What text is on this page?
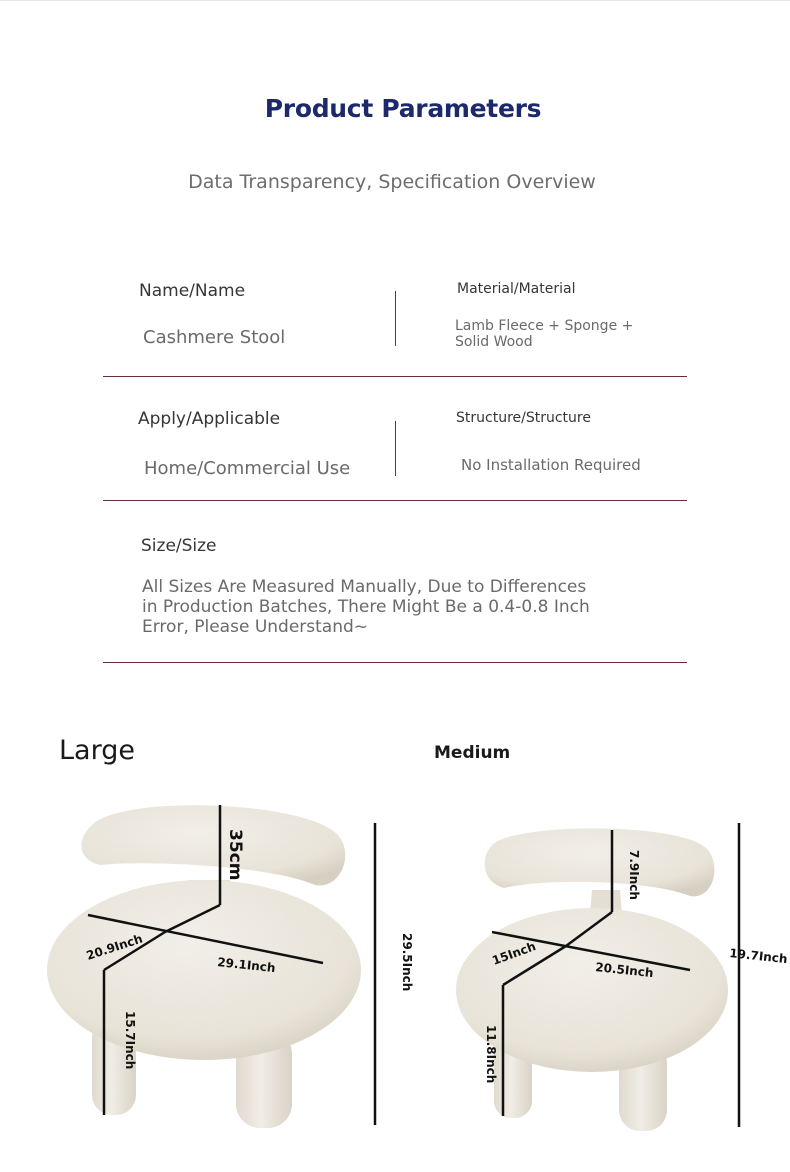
Product Parameters
Data Transparency, Specification Overview
Name/Name
Cashmere Stool
Material/Material
Lamb Fleece + Sponge +
Solid Wood
Apply/Applicable
Home/Commercial Use
Structure/Structure
No Installation Required
Size/Size
All Sizes Are Measured Manually, Due to Differences
in Production Batches, There Might Be a 0.4-0.8 Inch
Error, Please Understand~
Large	Medium
35cm
20.9Inch
29.1Inch
15.7Inch
29.5Inch
7.9Inch
15Inch
20.5Inch
11.8Inch
19.7Inch
